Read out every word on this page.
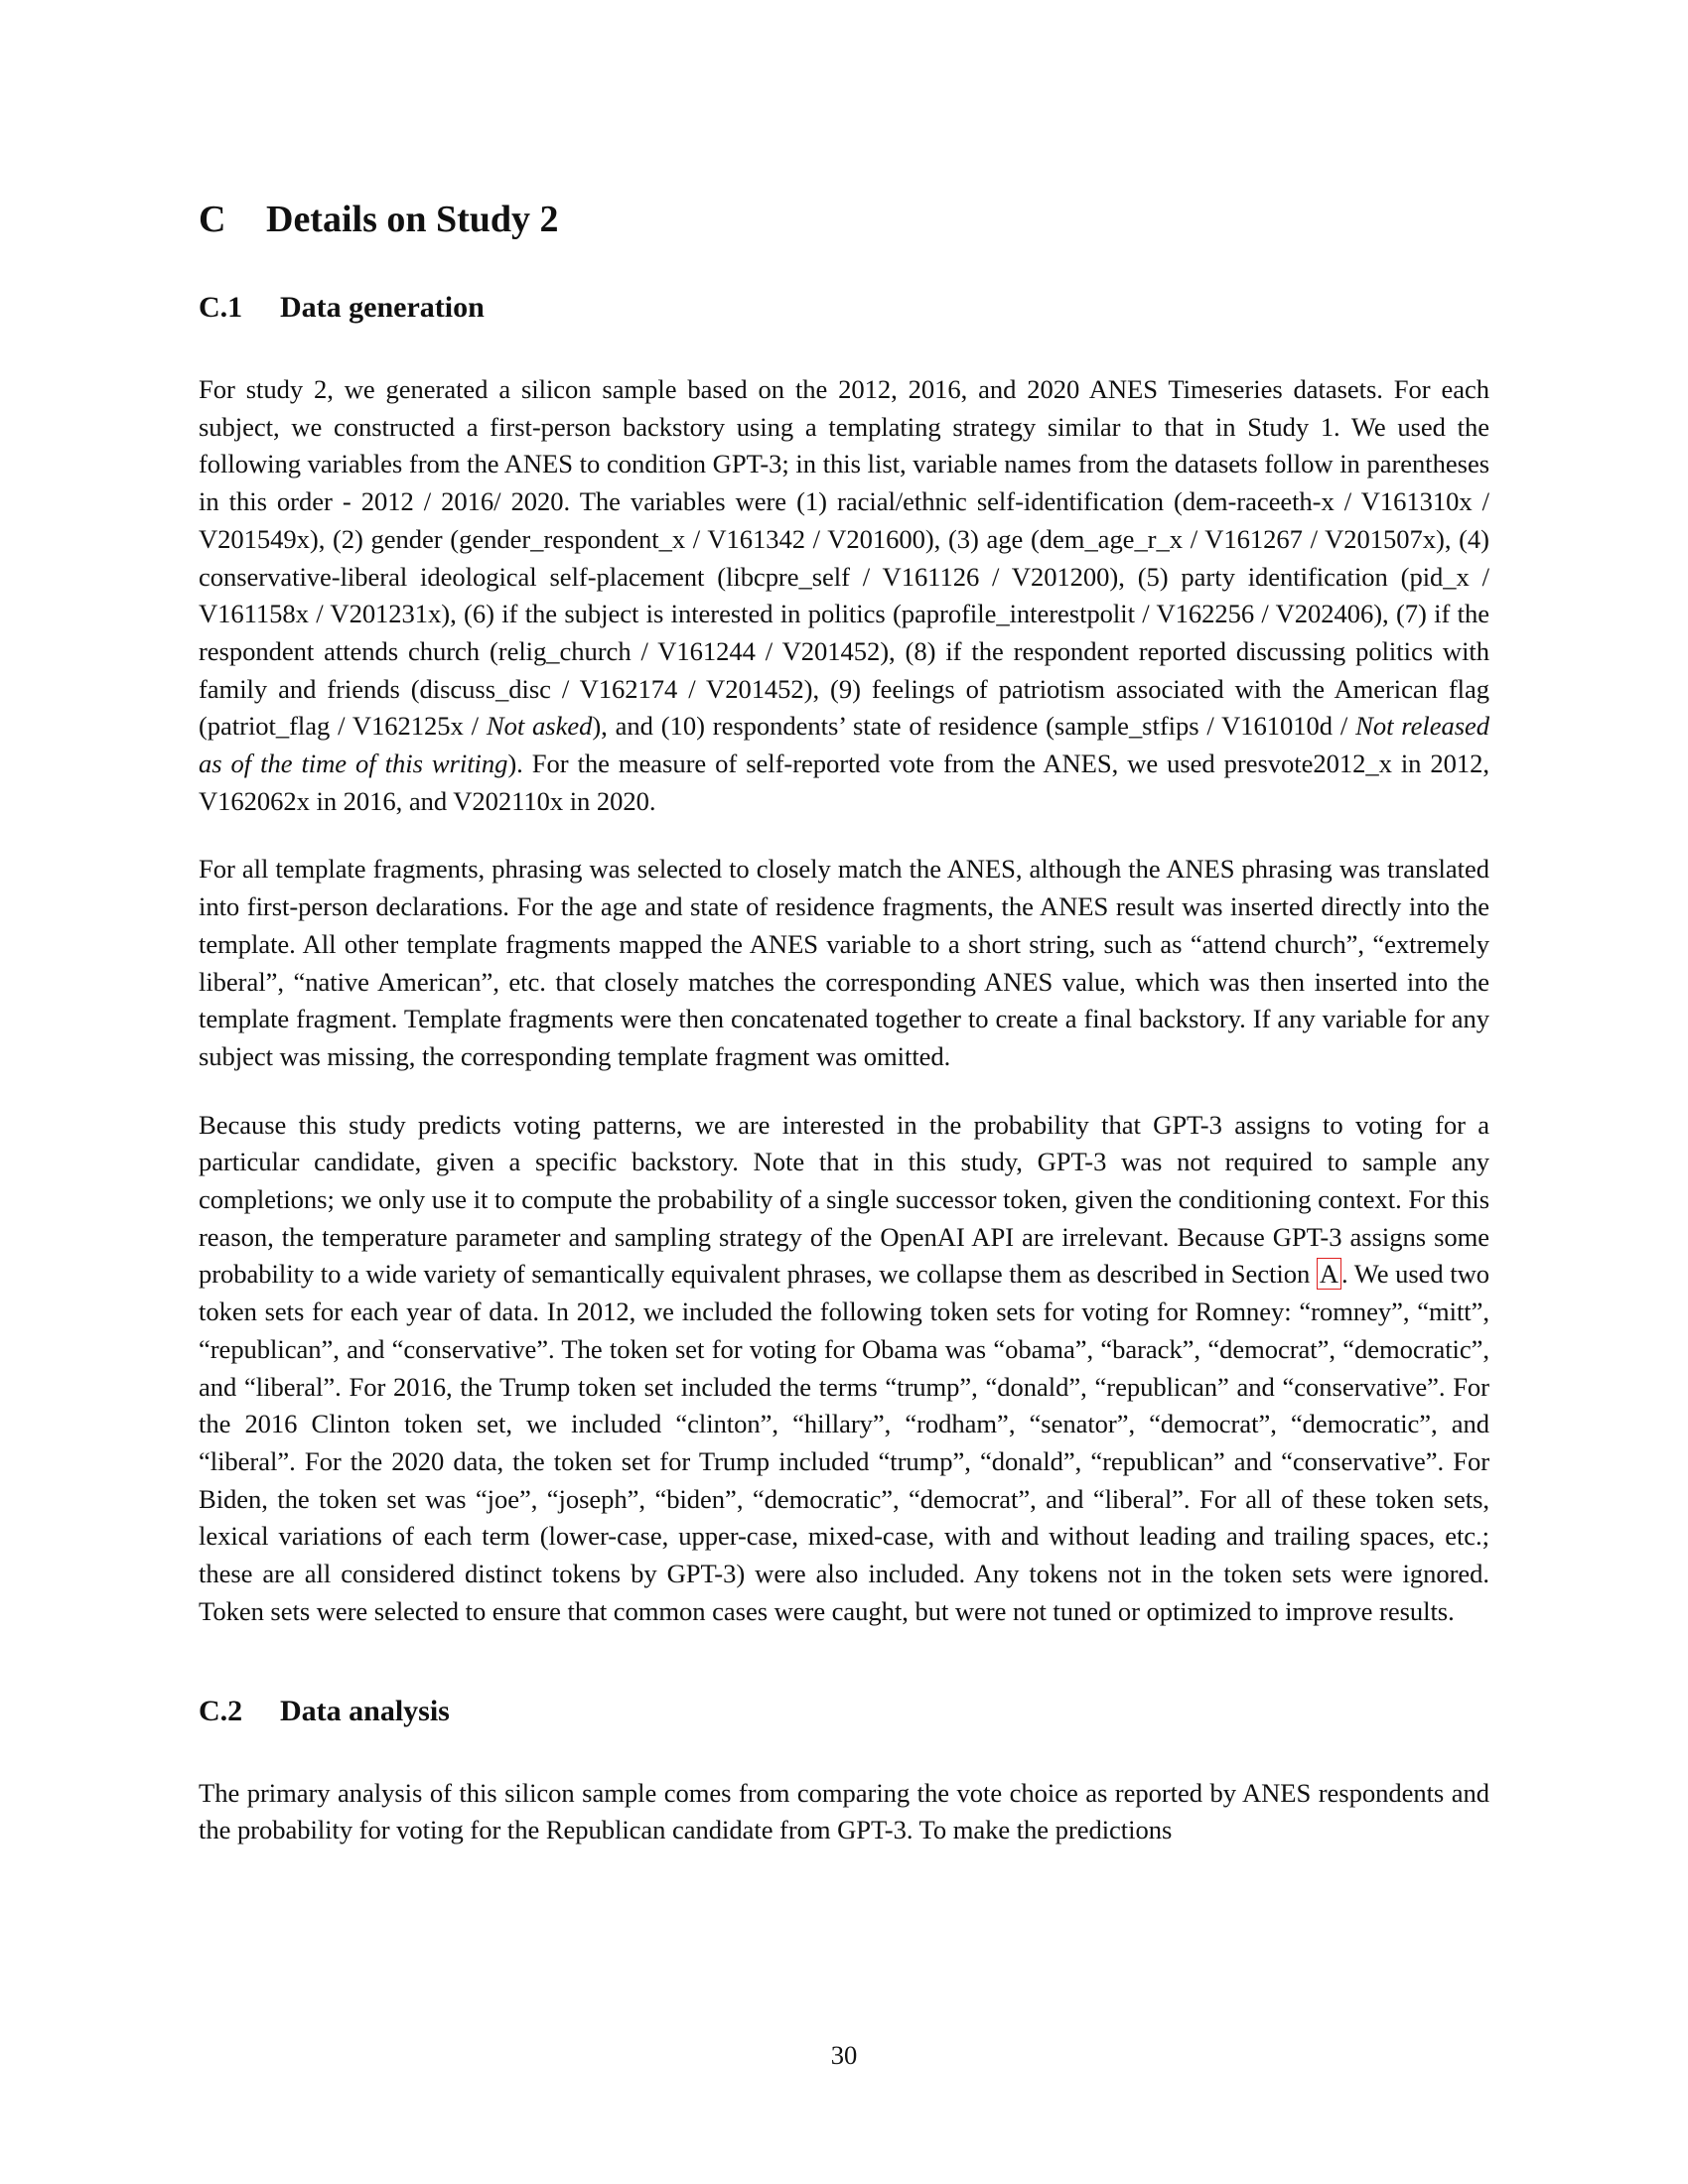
C	Details on Study 2
C.1	Data generation

For study 2, we generated a silicon sample based on the 2012, 2016, and 2020 ANES Timeseries datasets. For each subject, we constructed a first-person backstory using a templating strategy similar to that in Study 1. We used the following variables from the ANES to condition GPT-3; in this list, variable names from the datasets follow in parentheses in this order - 2012 / 2016/ 2020. The variables were (1) racial/ethnic self-identification (dem-raceeth-x / V161310x / V201549x), (2) gender (gender_respondent_x / V161342 / V201600), (3) age (dem_age_r_x / V161267 / V201507x), (4) conservative-liberal ideological self-placement (libcpre_self / V161126 / V201200), (5) party identification (pid_x / V161158x / V201231x), (6) if the subject is interested in politics (paprofile_interestpolit / V162256 / V202406), (7) if the respondent attends church (relig_church / V161244 / V201452), (8) if the respondent reported discussing politics with family and friends (discuss_disc / V162174 / V201452), (9) feelings of patriotism associated with the American flag (patriot_flag / V162125x / Not asked), and (10) respondents’ state of residence (sample_stfips / V161010d / Not released as of the time of this writing). For the measure of self-reported vote from the ANES, we used presvote2012_x in 2012, V162062x in 2016, and V202110x in 2020.

For all template fragments, phrasing was selected to closely match the ANES, although the ANES phrasing was translated into first-person declarations. For the age and state of residence fragments, the ANES result was inserted directly into the template. All other template fragments mapped the ANES variable to a short string, such as “attend church”, “extremely liberal”, “native American”, etc. that closely matches the corresponding ANES value, which was then inserted into the template fragment. Template fragments were then concatenated together to create a final backstory. If any variable for any subject was missing, the corresponding template fragment was omitted.

Because this study predicts voting patterns, we are interested in the probability that GPT-3 assigns to voting for a particular candidate, given a specific backstory. Note that in this study, GPT-3 was not required to sample any completions; we only use it to compute the probability of a single successor token, given the conditioning context. For this reason, the temperature parameter and sampling strategy of the OpenAI API are irrelevant. Because GPT-3 assigns some probability to a wide variety of semantically equivalent phrases, we collapse them as described in Section A . We used two token sets for each year of data. In 2012, we included the following token sets for voting for Romney: “romney”, “mitt”, “republican”, and “conservative”. The token set for voting for Obama was “obama”, “barack”, “democrat”, “democratic”, and “liberal”. For 2016, the Trump token set included the terms “trump”, “donald”, “republican” and “conservative”. For the 2016 Clinton token set, we included “clinton”, “hillary”, “rodham”, “senator”, “democrat”, “democratic”, and “liberal”. For the 2020 data, the token set for Trump included “trump”, “donald”, “republican” and “conservative”. For Biden, the token set was “joe”, “joseph”, “biden”, “democratic”, “democrat”, and “liberal”. For all of these token sets, lexical variations of each term (lower-case, upper-case, mixed-case, with and without leading and trailing spaces, etc.; these are all considered distinct tokens by GPT-3) were also included. Any tokens not in the token sets were ignored. Token sets were selected to ensure that common cases were caught, but were not tuned or optimized to improve results.

C.2	Data analysis

The primary analysis of this silicon sample comes from comparing the vote choice as reported by ANES respondents and the probability for voting for the Republican candidate from GPT-3. To make the predictions

30
